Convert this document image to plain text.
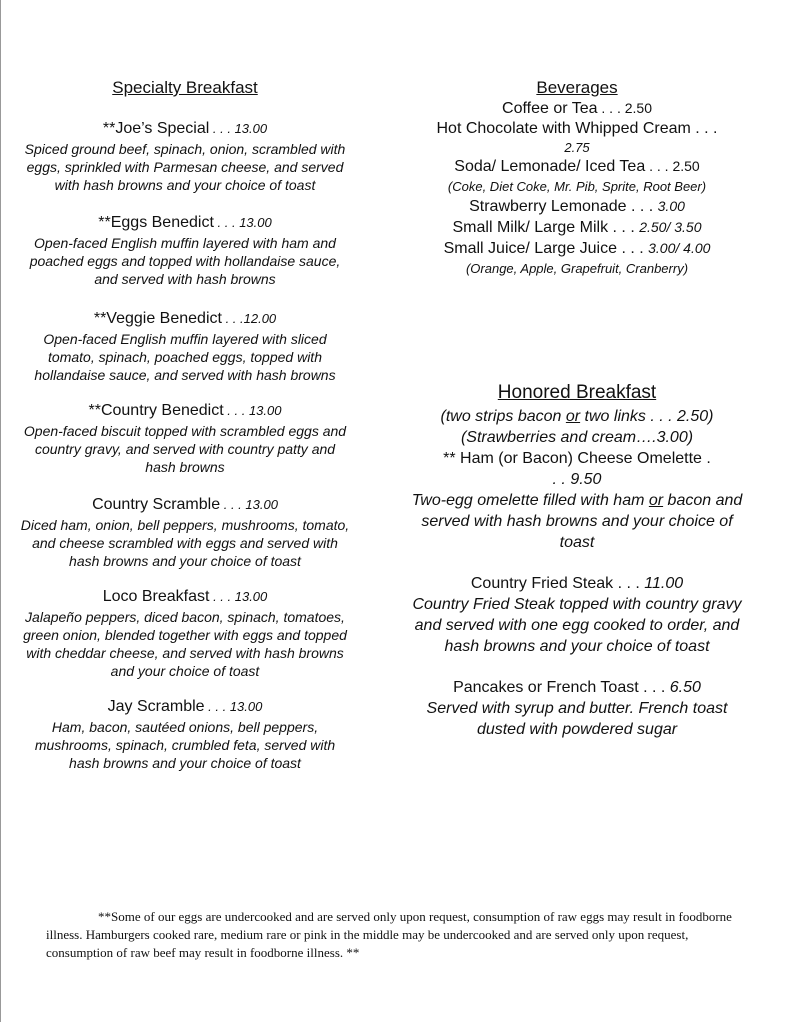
Specialty Breakfast
**Joe’s Special . . . 13.00
Spiced ground beef, spinach, onion, scrambled with eggs, sprinkled with Parmesan cheese, and served with hash browns and your choice of toast
**Eggs Benedict . . . 13.00
Open-faced English muffin layered with ham and poached eggs and topped with hollandaise sauce, and served with hash browns
**Veggie Benedict . . .12.00
Open-faced English muffin layered with sliced tomato, spinach, poached eggs, topped with hollandaise sauce, and served with hash browns
**Country Benedict . . . 13.00
Open-faced biscuit topped with scrambled eggs and country gravy, and served with country patty and hash browns
Country Scramble . . . 13.00
Diced ham, onion, bell peppers, mushrooms, tomato, and cheese scrambled with eggs and served with hash browns and your choice of toast
Loco Breakfast . . . 13.00
Jalapeño peppers, diced bacon, spinach, tomatoes, green onion, blended together with eggs and topped with cheddar cheese, and served with hash browns and your choice of toast
Jay Scramble . . . 13.00
Ham, bacon, sautéed onions, bell peppers, mushrooms, spinach, crumbled feta, served with hash browns and your choice of toast
Beverages
Coffee or Tea . . . 2.50
Hot Chocolate with Whipped Cream . . .
2.75
Soda/ Lemonade/ Iced Tea . . . 2.50
(Coke, Diet Coke, Mr. Pib, Sprite, Root Beer)
Strawberry Lemonade . . . 3.00
Small Milk/ Large Milk . . . 2.50/ 3.50
Small Juice/ Large Juice . . . 3.00/ 4.00
(Orange, Apple, Grapefruit, Cranberry)
Honored Breakfast
(two strips bacon or two links . . . 2.50)
(Strawberries and cream….3.00)
** Ham (or Bacon) Cheese Omelette .
. . 9.50
Two-egg omelette filled with ham or bacon and served with hash browns and your choice of toast
Country Fried Steak . . . 11.00
Country Fried Steak topped with country gravy and served with one egg cooked to order, and hash browns and your choice of toast
Pancakes or French Toast . . . 6.50
Served with syrup and butter. French toast dusted with powdered sugar
**Some of our eggs are undercooked and are served only upon request, consumption of raw eggs may result in foodborne illness. Hamburgers cooked rare, medium rare or pink in the middle may be undercooked and are served only upon request, consumption of raw beef may result in foodborne illness. **
